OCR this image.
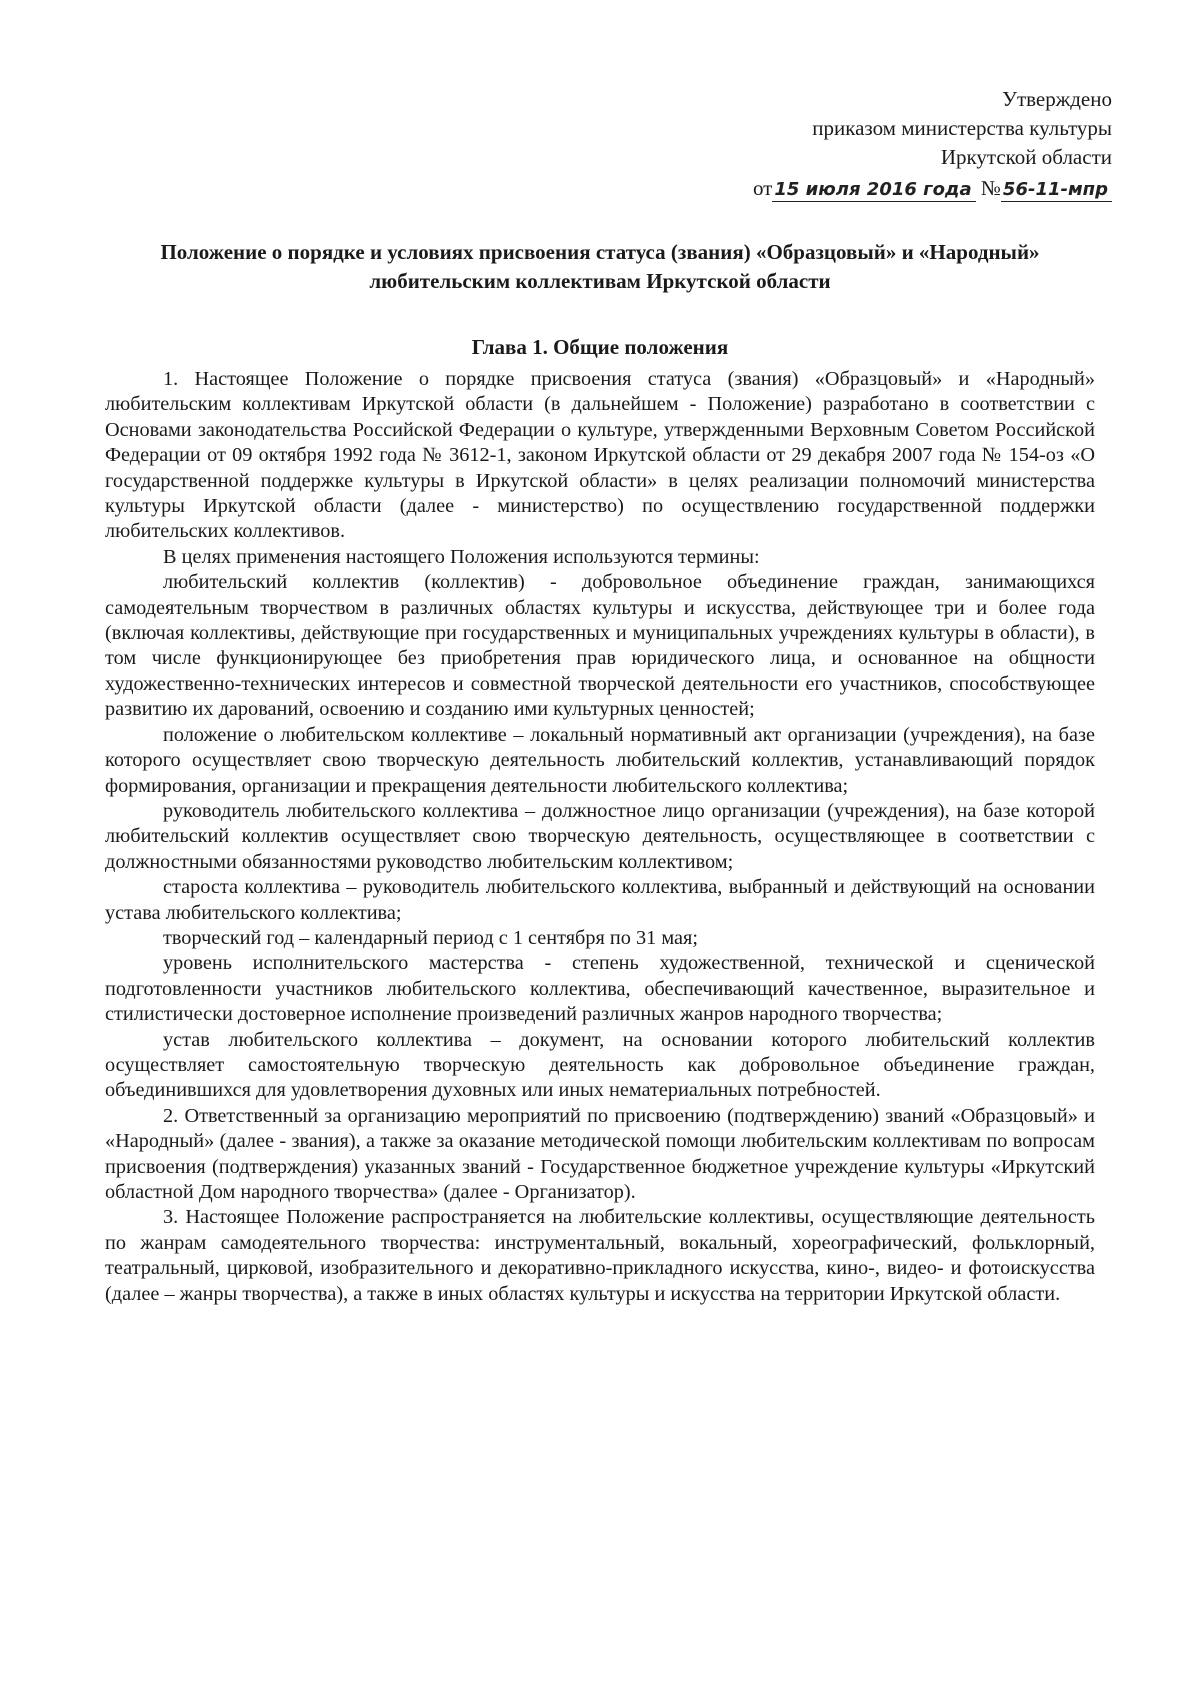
Утверждено
приказом министерства культуры
Иркутской области
от 15 июля 2016 года № 56-11-мпр
Положение о порядке и условиях присвоения статуса (звания) «Образцовый» и «Народный»
любительским коллективам Иркутской области
Глава 1. Общие положения

1. Настоящее Положение о порядке присвоения статуса (звания) «Образцовый» и «Народный» любительским коллективам Иркутской области (в дальнейшем - Положение) разработано в соответствии с Основами законодательства Российской Федерации о культуре, утвержденными Верховным Советом Российской Федерации от 09 октября 1992 года № 3612-1, законом Иркутской области от 29 декабря 2007 года № 154-оз «О государственной поддержке культуры в Иркутской области» в целях реализации полномочий министерства культуры Иркутской области (далее - министерство) по осуществлению государственной поддержки любительских коллективов.

В целях применения настоящего Положения используются термины:

любительский коллектив (коллектив) - добровольное объединение граждан, занимающихся самодеятельным творчеством в различных областях культуры и искусства, действующее три и более года (включая коллективы, действующие при государственных и муниципальных учреждениях культуры в области), в том числе функционирующее без приобретения прав юридического лица, и основанное на общности художественно-технических интересов и совместной творческой деятельности его участников, способствующее развитию их дарований, освоению и созданию ими культурных ценностей;

положение о любительском коллективе – локальный нормативный акт организации (учреждения), на базе которого осуществляет свою творческую деятельность любительский коллектив, устанавливающий порядок формирования, организации и прекращения деятельности любительского коллектива;

руководитель любительского коллектива – должностное лицо организации (учреждения), на базе которой любительский коллектив осуществляет свою творческую деятельность, осуществляющее в соответствии с должностными обязанностями руководство любительским коллективом;

староста коллектива – руководитель любительского коллектива, выбранный и действующий на основании устава любительского коллектива;

творческий год – календарный период с 1 сентября по 31 мая;

уровень исполнительского мастерства - степень художественной, технической и сценической подготовленности участников любительского коллектива, обеспечивающий качественное, выразительное и стилистически достоверное исполнение произведений различных жанров народного творчества;

устав любительского коллектива – документ, на основании которого любительский коллектив осуществляет самостоятельную творческую деятельность как добровольное объединение граждан, объединившихся для удовлетворения духовных или иных нематериальных потребностей.

2. Ответственный за организацию мероприятий по присвоению (подтверждению) званий «Образцовый» и «Народный» (далее - звания), а также за оказание методической помощи любительским коллективам по вопросам присвоения (подтверждения) указанных званий - Государственное бюджетное учреждение культуры «Иркутский областной Дом народного творчества» (далее - Организатор).

3. Настоящее Положение распространяется на любительские коллективы, осуществляющие деятельность по жанрам самодеятельного творчества: инструментальный, вокальный, хореографический, фольклорный, театральный, цирковой, изобразительного и декоративно-прикладного искусства, кино-, видео- и фотоискусства (далее – жанры творчества), а также в иных областях культуры и искусства на территории Иркутской области.
